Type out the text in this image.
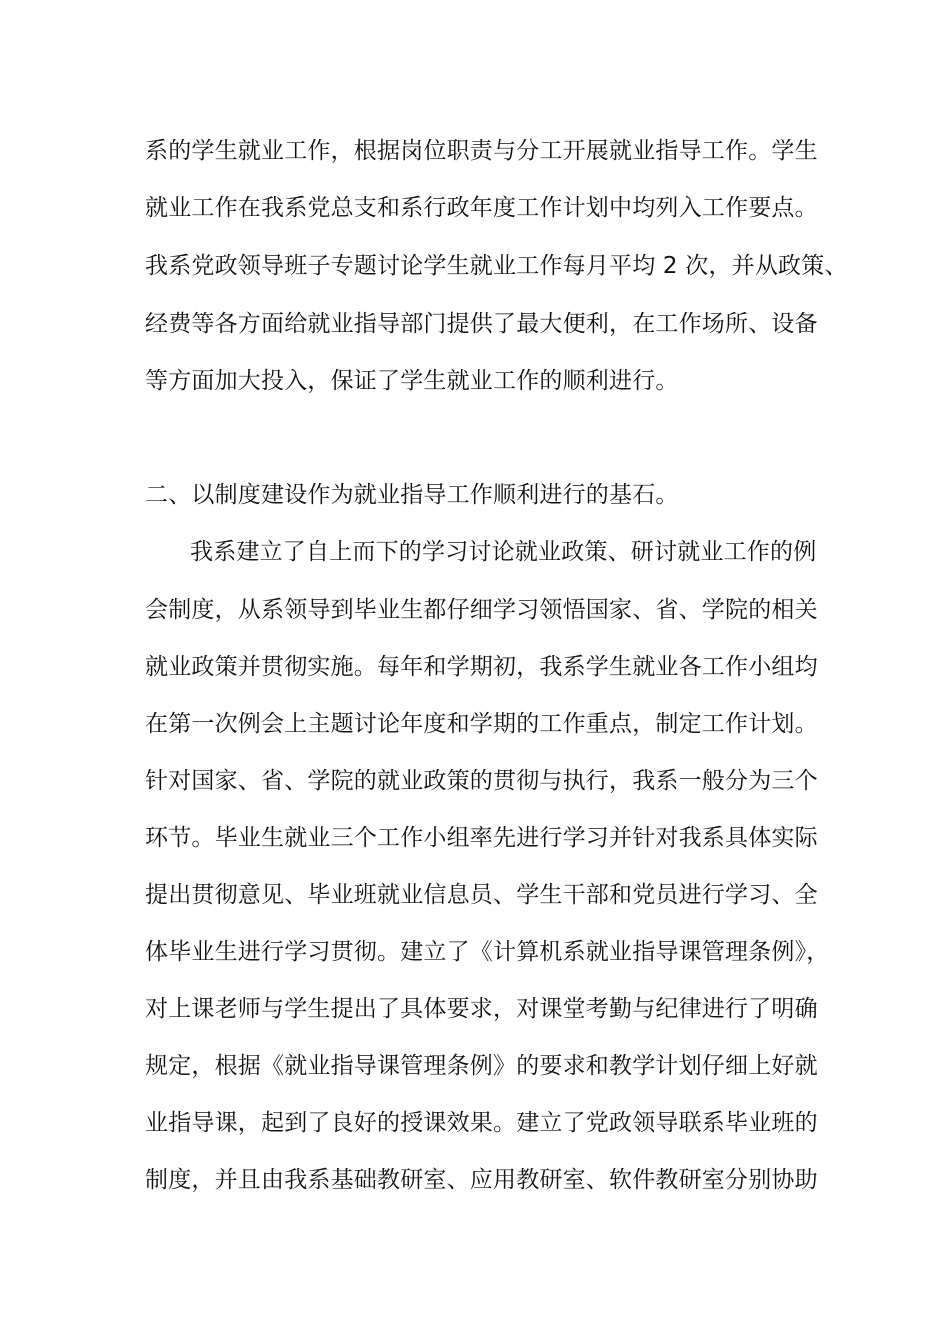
系的学生就业工作，根据岗位职责与分工开展就业指导工作。学生
就业工作在我系党总支和系行政年度工作计划中均列入工作要点。
我系党政领导班子专题讨论学生就业工作每月平均 2 次，并从政策、
经费等各方面给就业指导部门提供了最大便利，在工作场所、设备
等方面加大投入，保证了学生就业工作的顺利进行。
二、以制度建设作为就业指导工作顺利进行的基石。
我系建立了自上而下的学习讨论就业政策、研讨就业工作的例
会制度，从系领导到毕业生都仔细学习领悟国家、省、学院的相关
就业政策并贯彻实施。每年和学期初，我系学生就业各工作小组均
在第一次例会上主题讨论年度和学期的工作重点，制定工作计划。
针对国家、省、学院的就业政策的贯彻与执行，我系一般分为三个
环节。毕业生就业三个工作小组率先进行学习并针对我系具体实际
提出贯彻意见、毕业班就业信息员、学生干部和党员进行学习、全
体毕业生进行学习贯彻。建立了《计算机系就业指导课管理条例》，
对上课老师与学生提出了具体要求，对课堂考勤与纪律进行了明确
规定，根据《就业指导课管理条例》的要求和教学计划仔细上好就
业指导课，起到了良好的授课效果。建立了党政领导联系毕业班的
制度，并且由我系基础教研室、应用教研室、软件教研室分别协助
